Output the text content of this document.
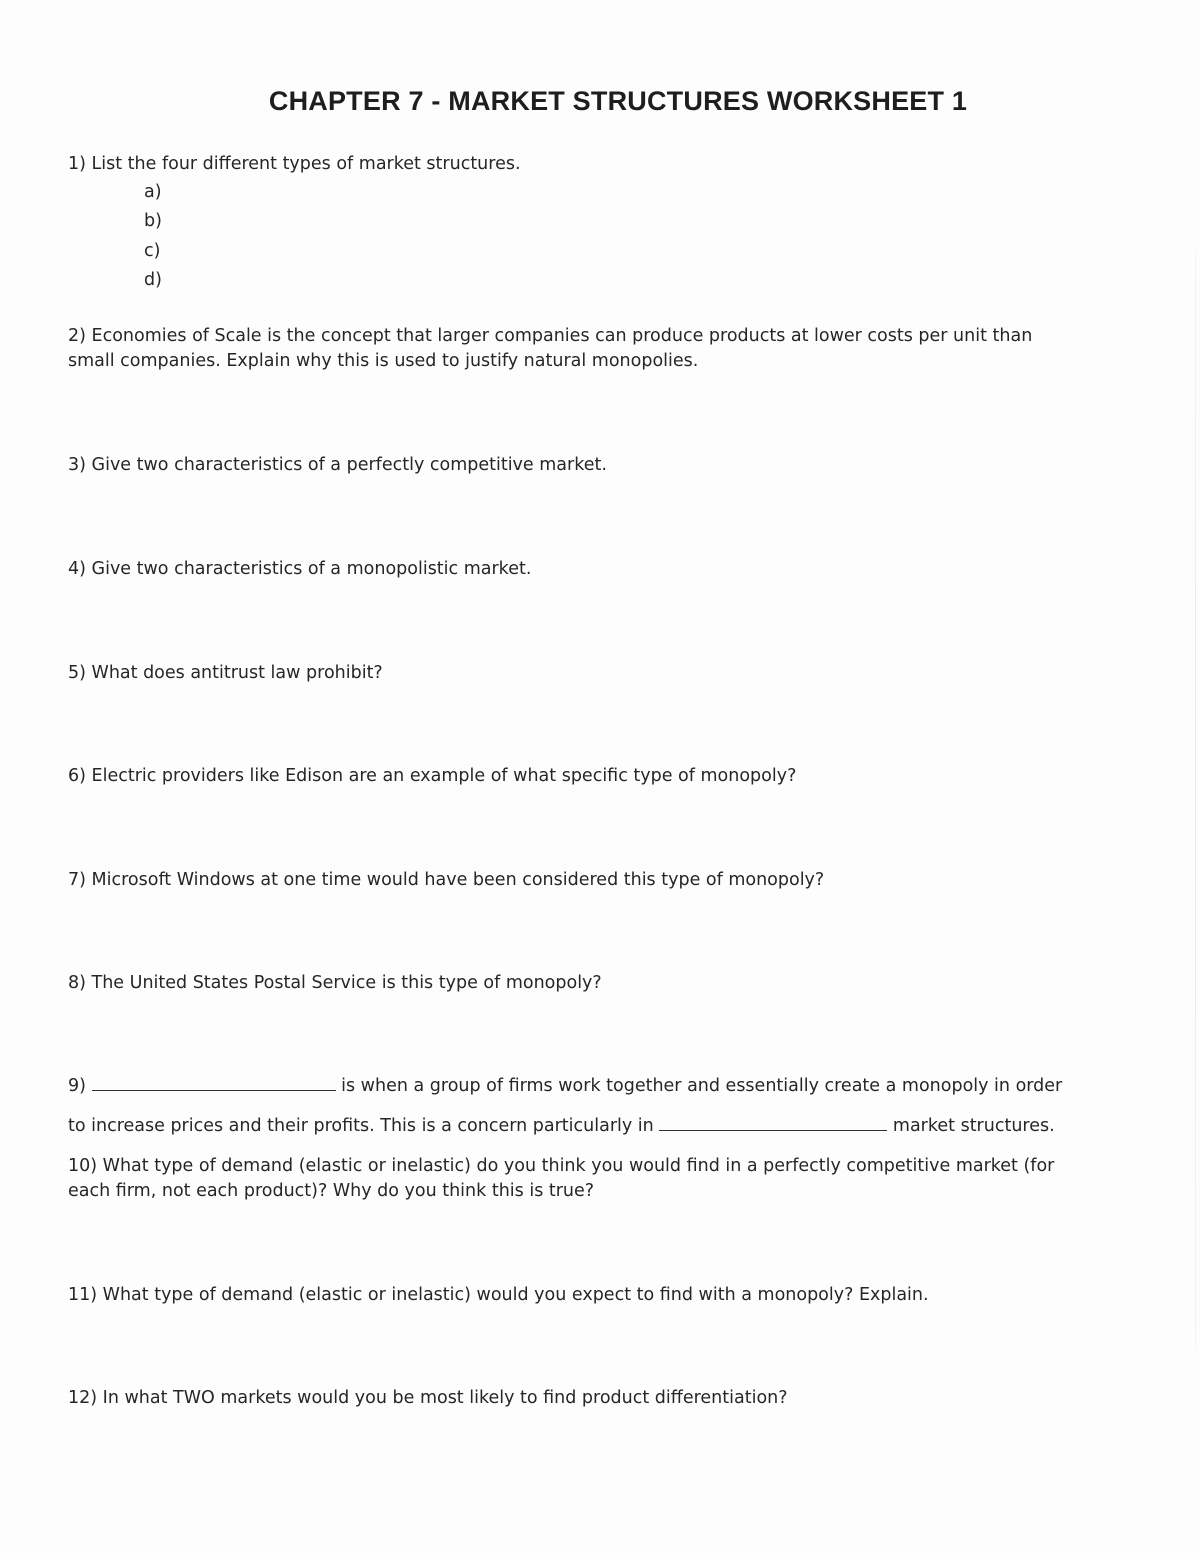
CHAPTER 7 - MARKET STRUCTURES WORKSHEET 1
1) List the four different types of market structures.
a)
b)
c)
d)
2) Economies of Scale is the concept that larger companies can produce products at lower costs per unit than
small companies. Explain why this is used to justify natural monopolies.
3) Give two characteristics of a perfectly competitive market.
4) Give two characteristics of a monopolistic market.
5) What does antitrust law prohibit?
6) Electric providers like Edison are an example of what specific type of monopoly?
7) Microsoft Windows at one time would have been considered this type of monopoly?
8) The United States Postal Service is this type of monopoly?
9)	is when a group of firms work together and essentially create a monopoly in order
to increase prices and their profits. This is a concern particularly in	market structures.
10) What type of demand (elastic or inelastic) do you think you would find in a perfectly competitive market (for
each firm, not each product)? Why do you think this is true?
11) What type of demand (elastic or inelastic) would you expect to find with a monopoly? Explain.
12) In what TWO markets would you be most likely to find product differentiation?
